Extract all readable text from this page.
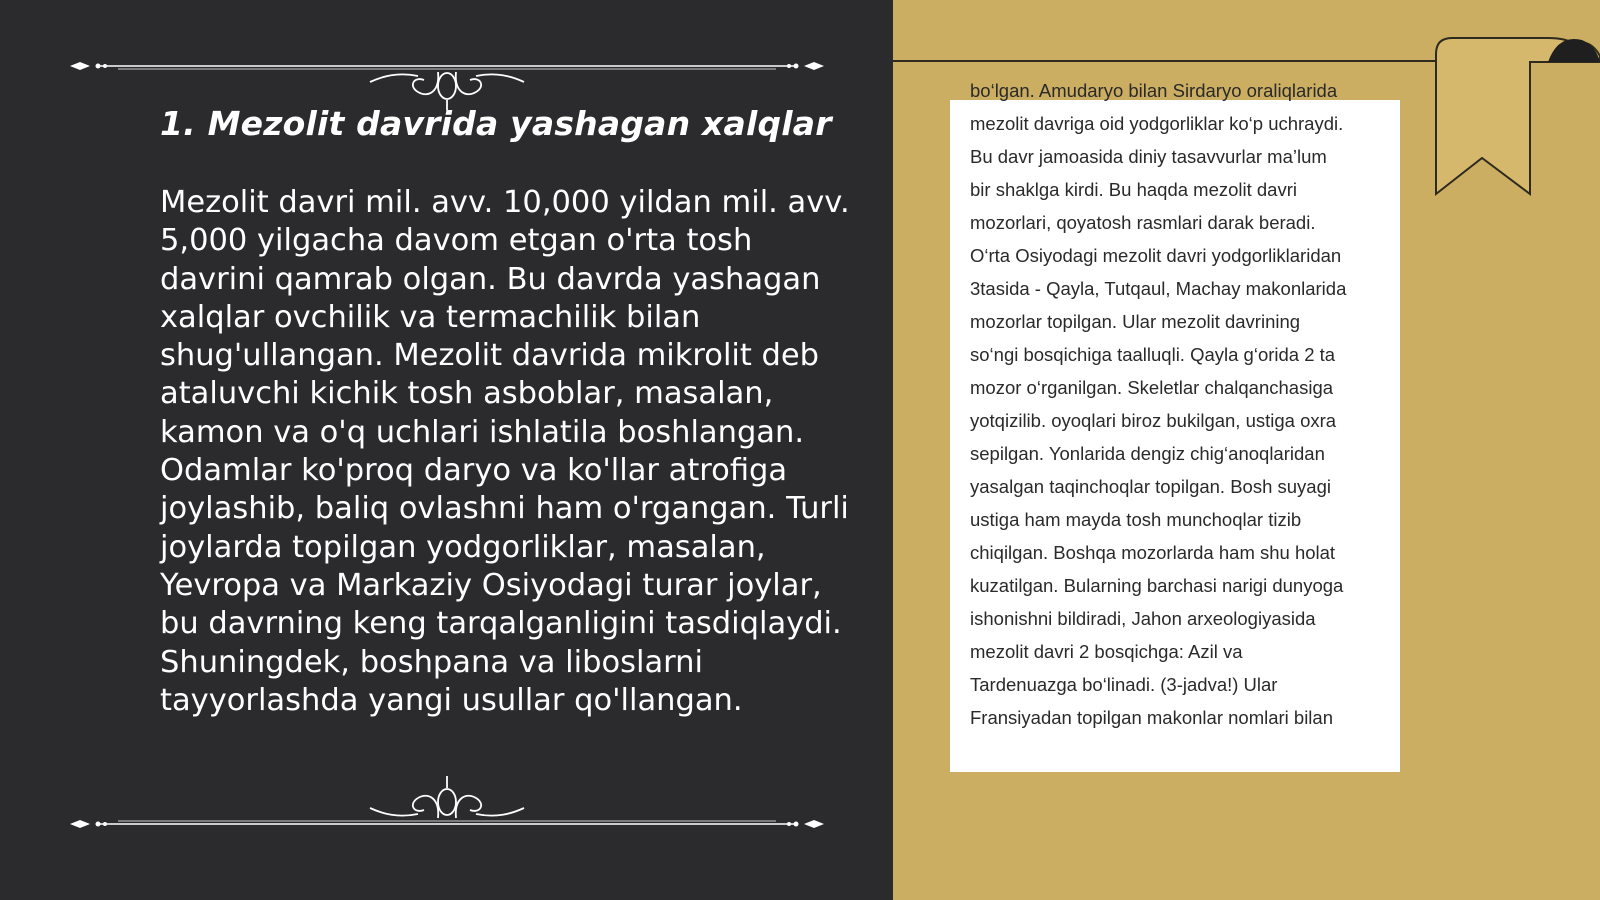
1. Mezolit davrida yashagan xalqlar

Mezolit davri mil. avv. 10,000 yildan mil. avv. 5,000 yilgacha davom etgan o'rta tosh davrini qamrab olgan. Bu davrda yashagan xalqlar ovchilik va termachilik bilan shug'ullangan. Mezolit davrida mikrolit deb ataluvchi kichik tosh asboblar, masalan, kamon va o'q uchlari ishlatila boshlangan. Odamlar ko'proq daryo va ko'llar atrofiga joylashib, baliq ovlashni ham o'rgangan. Turli joylarda topilgan yodgorliklar, masalan, Yevropa va Markaziy Osiyodagi turar joylar, bu davrning keng tarqalganligini tasdiqlaydi. Shuningdek, boshpana va liboslarni tayyorlashda yangi usullar qo'llangan.

bo‘lgan. Amudaryo bilan Sirdaryo oraliqlarida
mezolit davriga oid yodgorliklar ko‘p uchraydi.
Bu davr jamoasida diniy tasavvurlar ma’lum
bir shaklga kirdi. Bu haqda mezolit davri
mozorlari, qoyatosh rasmlari darak beradi.
O‘rta Osiyodagi mezolit davri yodgorliklaridan
3tasida - Qayla, Tutqaul, Machay makonlarida
mozorlar topilgan. Ular mezolit davrining
so‘ngi bosqichiga taalluqli. Qayla g‘orida 2 ta
mozor o‘rganilgan. Skeletlar chalqanchasiga
yotqizilib. oyoqlari biroz bukilgan, ustiga oxra
sepilgan. Yonlarida dengiz chig‘anoqlaridan
yasalgan taqinchoqlar topilgan. Bosh suyagi
ustiga ham mayda tosh munchoqlar tizib
chiqilgan. Boshqa mozorlarda ham shu holat
kuzatilgan. Bularning barchasi narigi dunyoga
ishonishni bildiradi, Jahon arxeologiyasida
mezolit davri 2 bosqichga: Azil va
Tardenuazga bo‘linadi. (3-jadva!) Ular
Fransiyadan topilgan makonlar nomlari bilan
